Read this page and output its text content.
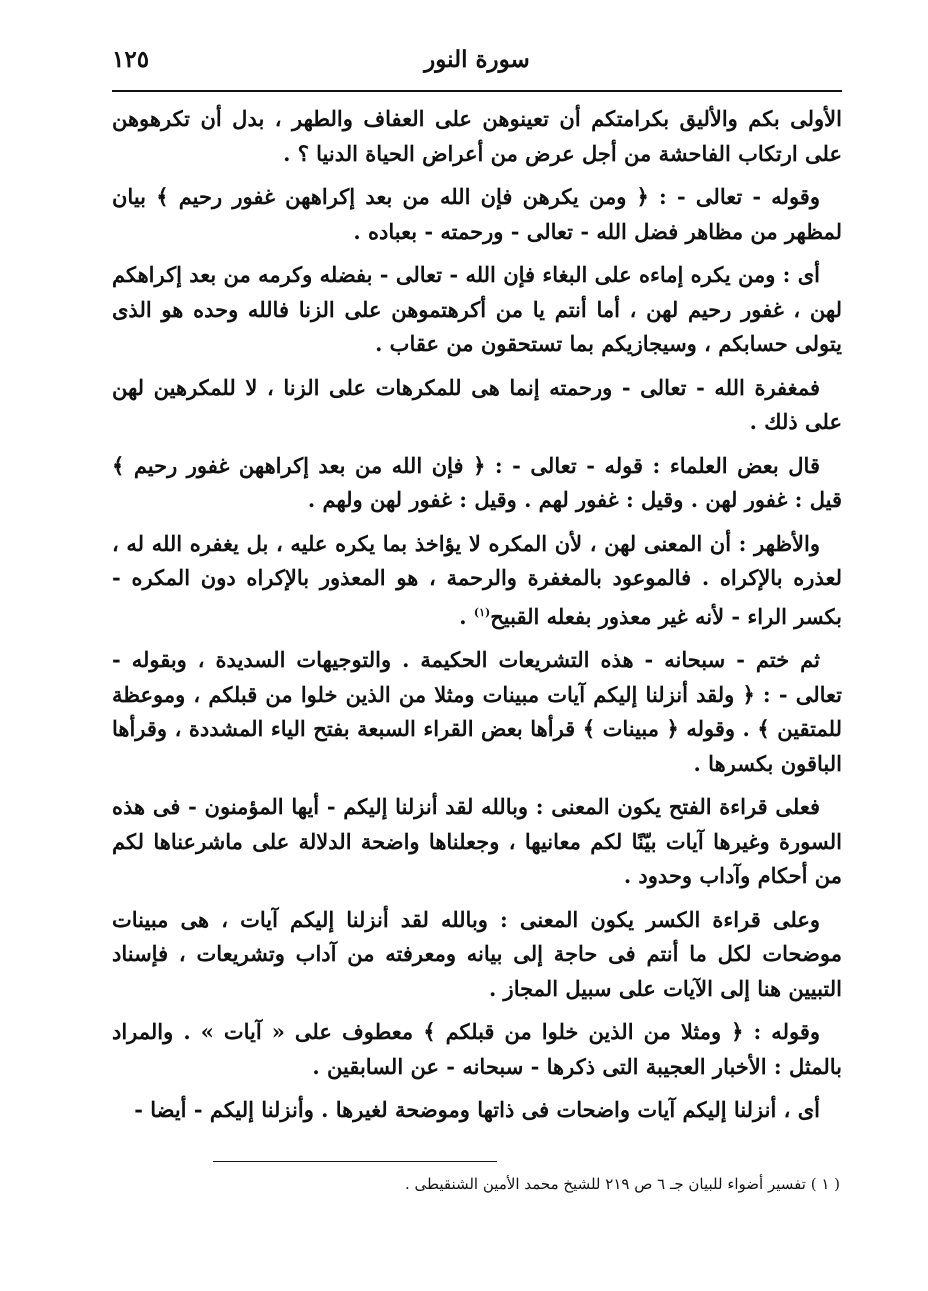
١٢٥	سورة النور

الأولى بكم والأليق بكرامتكم أن تعينوهن على العفاف والطهر ، بدل أن تكرهوهن على ارتكاب الفاحشة من أجل عرض من أعراض الحياة الدنيا ؟ .

وقوله - تعالى - : ﴿ ومن يكرهن فإن الله من بعد إكراههن غفور رحيم ﴾ بيان لمظهر من مظاهر فضل الله - تعالى - ورحمته - بعباده .

أى : ومن يكره إماءه على البغاء فإن الله - تعالى - بفضله وكرمه من بعد إكراهكم لهن ، غفور رحيم لهن ، أما أنتم يا من أكرهتموهن على الزنا فالله وحده هو الذى يتولى حسابكم ، وسيجازيكم بما تستحقون من عقاب .

فمغفرة الله - تعالى - ورحمته إنما هى للمكرهات على الزنا ، لا للمكرهين لهن على ذلك .

قال بعض العلماء : قوله - تعالى - : ﴿ فإن الله من بعد إكراههن غفور رحيم ﴾ قيل : غفور لهن . وقيل : غفور لهم . وقيل : غفور لهن ولهم .

والأظهر : أن المعنى لهن ، لأن المكره لا يؤاخذ بما يكره عليه ، بل يغفره الله له ، لعذره بالإكراه . فالموعود بالمغفرة والرحمة ، هو المعذور بالإكراه دون المكره - بكسر الراء - لأنه غير معذور بفعله القبيح$^{(١)}$ .

ثم ختم - سبحانه - هذه التشريعات الحكيمة . والتوجيهات السديدة ، وبقوله - تعالى - : ﴿ ولقد أنزلنا إليكم آيات مبينات ومثلا من الذين خلوا من قبلكم ، وموعظة للمتقين ﴾ . وقوله ﴿ مبينات ﴾ قرأها بعض القراء السبعة بفتح الياء المشددة ، وقرأها الباقون بكسرها .

فعلى قراءة الفتح يكون المعنى : وبالله لقد أنزلنا إليكم - أيها المؤمنون - فى هذه السورة وغيرها آيات بيّنًا لكم معانيها ، وجعلناها واضحة الدلالة على ماشرعناها لكم من أحكام وآداب وحدود .

وعلى قراءة الكسر يكون المعنى : وبالله لقد أنزلنا إليكم آيات ، هى مبينات موضحات لكل ما أنتم فى حاجة إلى بيانه ومعرفته من آداب وتشريعات ، فإسناد التبيين هنا إلى الآيات على سبيل المجاز .

وقوله : ﴿ ومثلا من الذين خلوا من قبلكم ﴾ معطوف على « آيات » . والمراد بالمثل : الأخبار العجيبة التى ذكرها - سبحانه - عن السابقين .

أى ، أنزلنا إليكم آيات واضحات فى ذاتها وموضحة لغيرها . وأنزلنا إليكم - أيضا -

( ١ ) تفسير أضواء للبيان جـ ٦ ص ٢١٩ للشيخ محمد الأمين الشنقيطى .
